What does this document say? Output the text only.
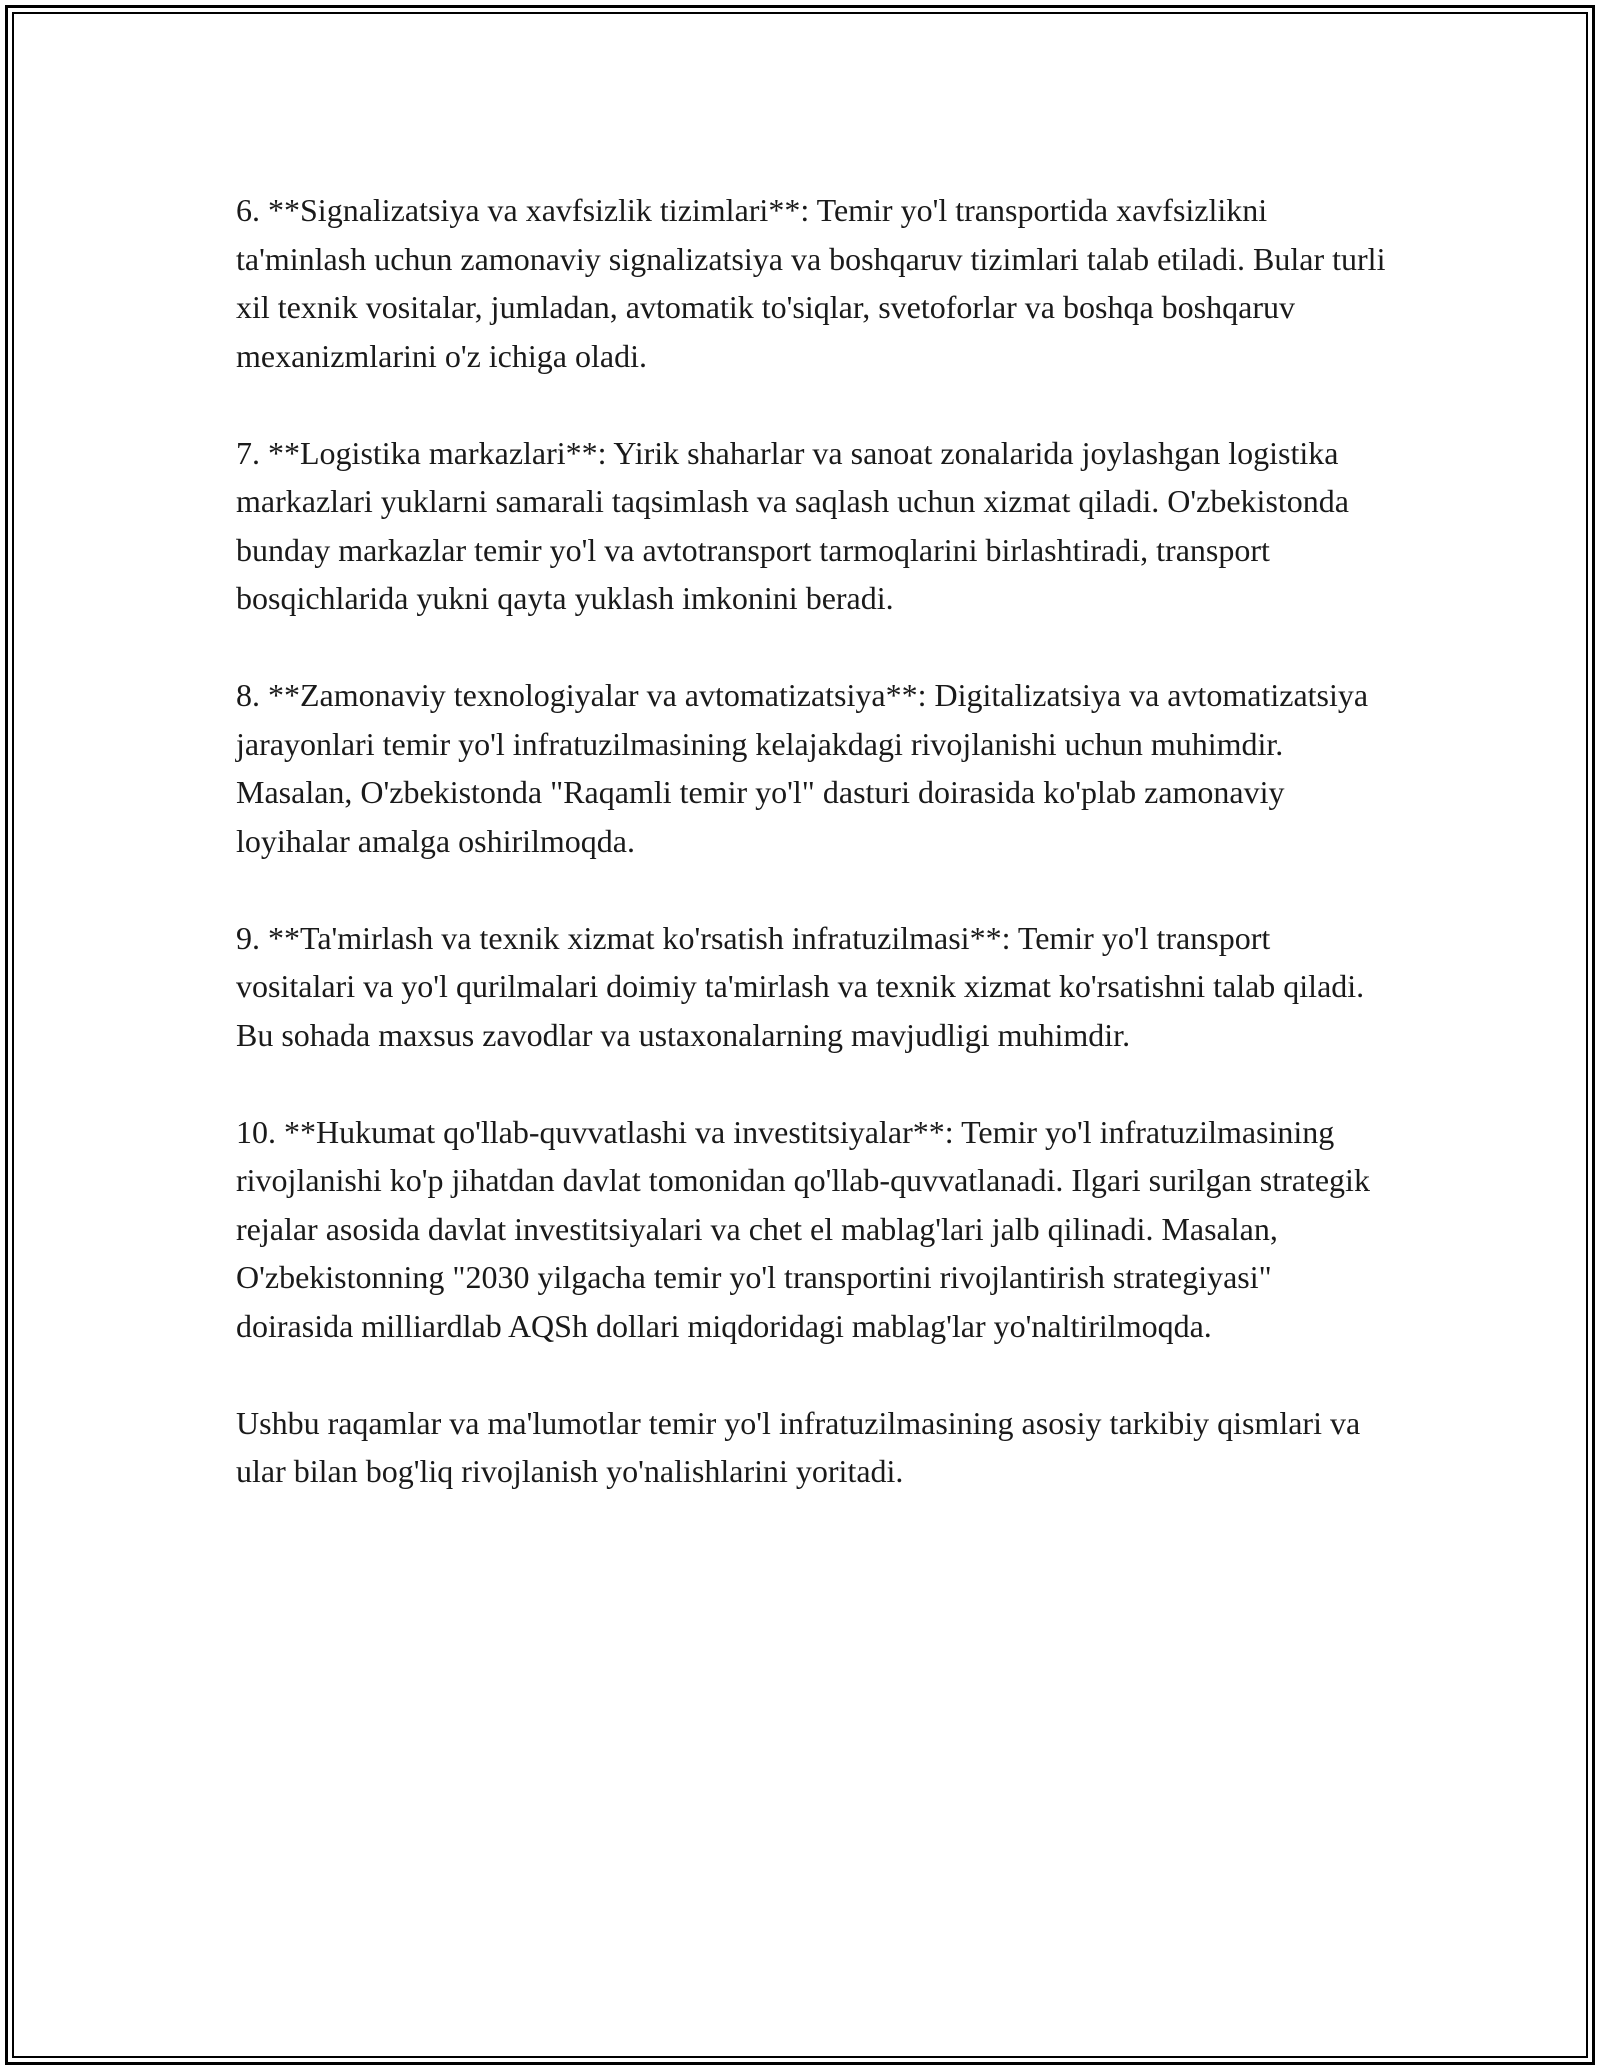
6. **Signalizatsiya va xavfsizlik tizimlari**: Temir yo'l transportida xavfsizlikni ta'minlash uchun zamonaviy signalizatsiya va boshqaruv tizimlari talab etiladi. Bular turli xil texnik vositalar, jumladan, avtomatik to'siqlar, svetoforlar va boshqa boshqaruv mexanizmlarini o'z ichiga oladi.

7. **Logistika markazlari**: Yirik shaharlar va sanoat zonalarida joylashgan logistika markazlari yuklarni samarali taqsimlash va saqlash uchun xizmat qiladi. O'zbekistonda bunday markazlar temir yo'l va avtotransport tarmoqlarini birlashtiradi, transport bosqichlarida yukni qayta yuklash imkonini beradi.

8. **Zamonaviy texnologiyalar va avtomatizatsiya**: Digitalizatsiya va avtomatizatsiya jarayonlari temir yo'l infratuzilmasining kelajakdagi rivojlanishi uchun muhimdir. Masalan, O'zbekistonda "Raqamli temir yo'l" dasturi doirasida ko'plab zamonaviy loyihalar amalga oshirilmoqda.

9. **Ta'mirlash va texnik xizmat ko'rsatish infratuzilmasi**: Temir yo'l transport vositalari va yo'l qurilmalari doimiy ta'mirlash va texnik xizmat ko'rsatishni talab qiladi. Bu sohada maxsus zavodlar va ustaxonalarning mavjudligi muhimdir.

10. **Hukumat qo'llab-quvvatlashi va investitsiyalar**: Temir yo'l infratuzilmasining rivojlanishi ko'p jihatdan davlat tomonidan qo'llab-quvvatlanadi. Ilgari surilgan strategik rejalar asosida davlat investitsiyalari va chet el mablag'lari jalb qilinadi. Masalan, O'zbekistonning "2030 yilgacha temir yo'l transportini rivojlantirish strategiyasi" doirasida milliardlab AQSh dollari miqdoridagi mablag'lar yo'naltirilmoqda.

Ushbu raqamlar va ma'lumotlar temir yo'l infratuzilmasining asosiy tarkibiy qismlari va ular bilan bog'liq rivojlanish yo'nalishlarini yoritadi.
